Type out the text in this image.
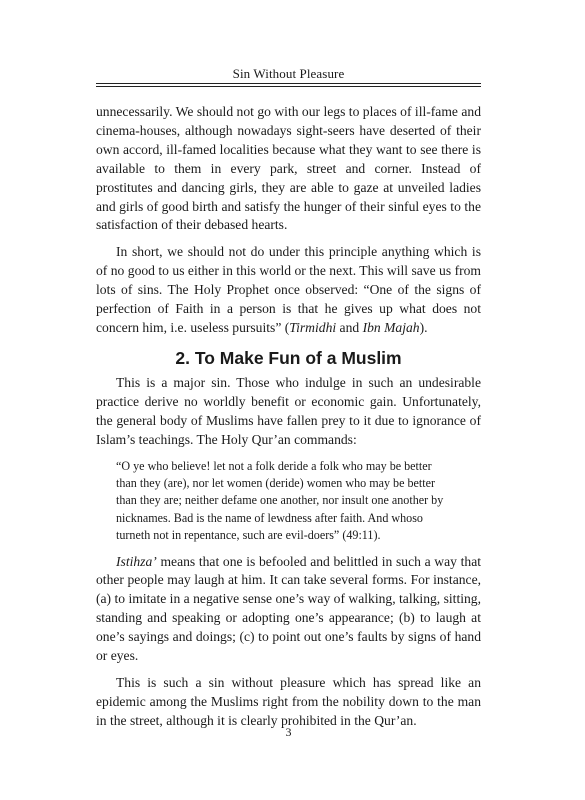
Sin Without Pleasure

unnecessarily. We should not go with our legs to places of ill-fame and cinema-houses, although nowadays sight-seers have deserted of their own accord, ill-famed localities because what they want to see there is available to them in every park, street and corner. Instead of prostitutes and dancing girls, they are able to gaze at unveiled ladies and girls of good birth and satisfy the hunger of their sinful eyes to the satisfaction of their debased hearts.

In short, we should not do under this principle anything which is of no good to us either in this world or the next. This will save us from lots of sins. The Holy Prophet once observed: “One of the signs of perfection of Faith in a person is that he gives up what does not concern him, i.e. useless pursuits” (Tirmidhi and Ibn Majah).

2. To Make Fun of a Muslim

This is a major sin. Those who indulge in such an undesirable practice derive no worldly benefit or economic gain. Unfortunately, the general body of Muslims have fallen prey to it due to ignorance of Islam’s teachings. The Holy Qur’an commands:

“O ye who believe! let not a folk deride a folk who may be better than they (are), nor let women (deride) women who may be better than they are; neither defame one another, nor insult one another by nicknames. Bad is the name of lewdness after faith. And whoso turneth not in repentance, such are evil-doers” (49:11).

Istihza’ means that one is befooled and belittled in such a way that other people may laugh at him. It can take several forms. For instance, (a) to imitate in a negative sense one’s way of walking, talking, sitting, standing and speaking or adopting one’s appearance; (b) to laugh at one’s sayings and doings; (c) to point out one’s faults by signs of hand or eyes.

This is such a sin without pleasure which has spread like an epidemic among the Muslims right from the nobility down to the man in the street, although it is clearly prohibited in the Qur’an.

3
